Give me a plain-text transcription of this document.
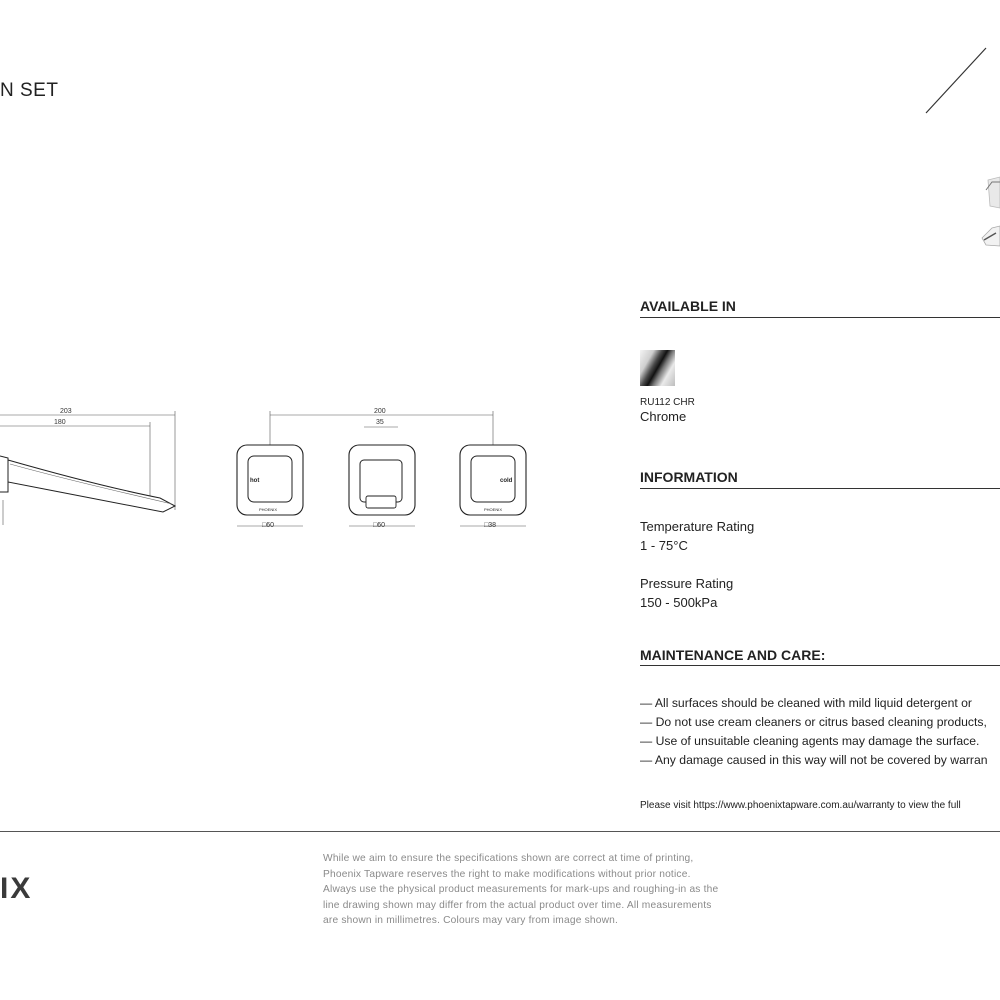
N SET
203
180
200
35
hot
PHOENIX
□60	□60
cold
PHOENIX
□38
AVAILABLE IN
RU112 CHR
Chrome
INFORMATION
Temperature Rating
1 - 75°C
Pressure Rating
150 - 500kPa
MAINTENANCE AND CARE:
— All surfaces should be cleaned with mild liquid detergent or
— Do not use cream cleaners or citrus based cleaning products,
— Use of unsuitable cleaning agents may damage the surface.
— Any damage caused in this way will not be covered by warran
Please visit https://www.phoenixtapware.com.au/warranty to view the full
IX
While we aim to ensure the specifications shown are correct at time of printing,
Phoenix Tapware reserves the right to make modifications without prior notice.
Always use the physical product measurements for mark-ups and roughing-in as the
line drawing shown may differ from the actual product over time. All measurements
are shown in millimetres. Colours may vary from image shown.
